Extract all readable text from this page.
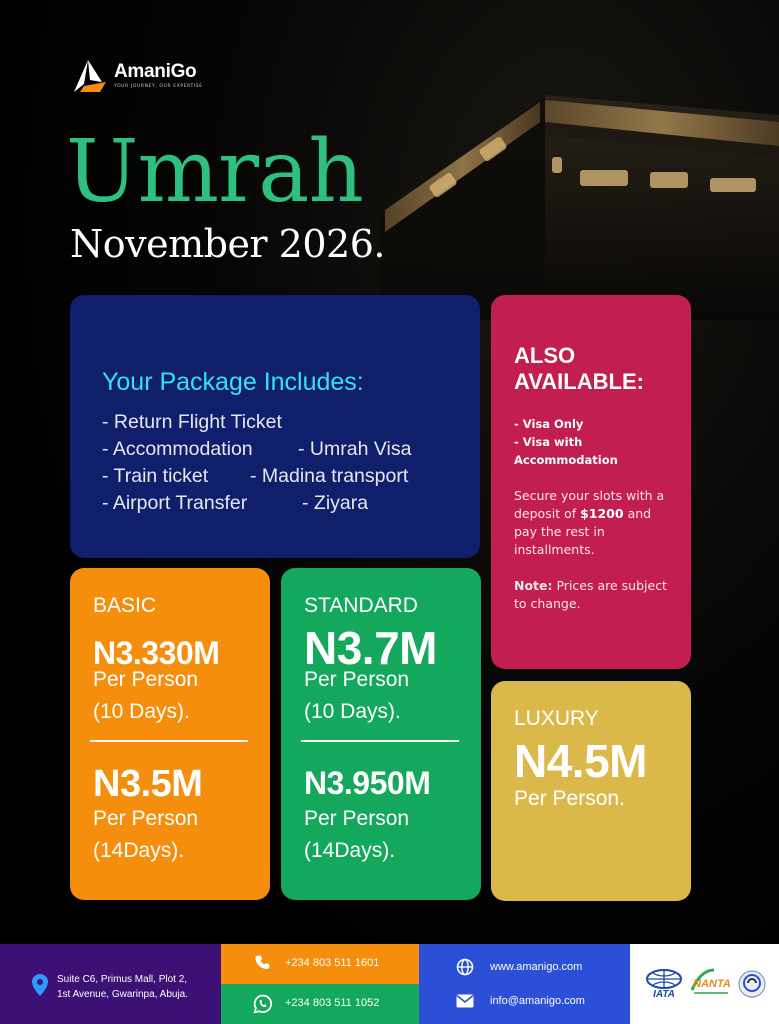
AmaniGo
YOUR JOURNEY, OUR EXPERTISE
Umrah
November 2026.
Your Package Includes:
- Return Flight Ticket
- Accommodation - Umrah Visa
- Train ticket - Madina transport
- Airport Transfer	- Ziyara
ALSO
AVAILABLE:
- Visa Only
- Visa with
Accommodation
Secure your slots with a deposit of $1200 and pay the rest in installments.
Note: Prices are subject to change.
BASIC
N3.330M
Per Person
(10 Days).
N3.5M
Per Person
(14Days).
STANDARD
N3.7M
Per Person
(10 Days).
N3.950M
Per Person
(14Days).
LUXURY
N4.5M
Per Person.
Suite C6, Primus Mall, Plot 2,
1st Avenue, Gwarinpa, Abuja.
+234 803 511 1601
+234 803 511 1052
www.amanigo.com
info@amanigo.com
IATA
NANTA
